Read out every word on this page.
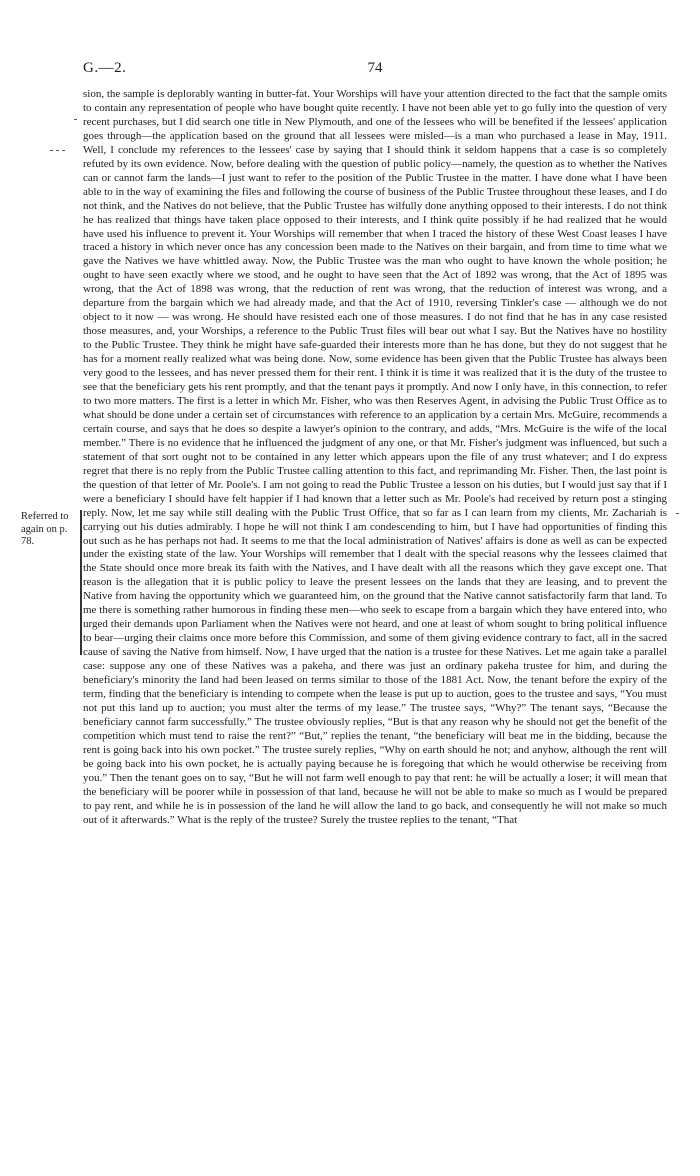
G.—2.	74
Referred to again on p. 78.

sion, the sample is deplorably wanting in butter-fat. Your Worships will have your attention directed to the fact that the sample omits to contain any representation of people who have bought quite recently. I have not been able yet to go fully into the question of very recent purchases, but I did search one title in New Plymouth, and one of the lessees who will be benefited if the lessees' application goes through—the application based on the ground that all lessees were misled—is a man who purchased a lease in May, 1911. Well, I conclude my references to the lessees' case by saying that I should think it seldom happens that a case is so completely refuted by its own evidence. Now, before dealing with the question of public policy—namely, the question as to whether the Natives can or cannot farm the lands—I just want to refer to the position of the Public Trustee in the matter. I have done what I have been able to in the way of examining the files and following the course of business of the Public Trustee throughout these leases, and I do not think, and the Natives do not believe, that the Public Trustee has wilfully done anything opposed to their interests. I do not think he has realized that things have taken place opposed to their interests, and I think quite possibly if he had realized that he would have used his influence to prevent it. Your Worships will remember that when I traced the history of these West Coast leases I have traced a history in which never once has any concession been made to the Natives on their bargain, and from time to time what we gave the Natives we have whittled away. Now, the Public Trustee was the man who ought to have known the whole position; he ought to have seen exactly where we stood, and he ought to have seen that the Act of 1892 was wrong, that the Act of 1895 was wrong, that the Act of 1898 was wrong, that the reduction of rent was wrong, that the reduction of interest was wrong, and a departure from the bargain which we had already made, and that the Act of 1910, reversing Tinkler's case — although we do not object to it now — was wrong. He should have resisted each one of those measures. I do not find that he has in any case resisted those measures, and, your Worships, a reference to the Public Trust files will bear out what I say. But the Natives have no hostility to the Public Trustee. They think he might have safe-guarded their interests more than he has done, but they do not suggest that he has for a moment really realized what was being done. Now, some evidence has been given that the Public Trustee has always been very good to the lessees, and has never pressed them for their rent. I think it is time it was realized that it is the duty of the trustee to see that the beneficiary gets his rent promptly, and that the tenant pays it promptly. And now I only have, in this connection, to refer to two more matters. The first is a letter in which Mr. Fisher, who was then Reserves Agent, in advising the Public Trust Office as to what should be done under a certain set of circumstances with reference to an application by a certain Mrs. McGuire, recommends a certain course, and says that he does so despite a lawyer's opinion to the contrary, and adds, “Mrs. McGuire is the wife of the local member.” There is no evidence that he influenced the judgment of any one, or that Mr. Fisher's judgment was influenced, but such a statement of that sort ought not to be contained in any letter which appears upon the file of any trust whatever; and I do express regret that there is no reply from the Public Trustee calling attention to this fact, and reprimanding Mr. Fisher. Then, the last point is the question of that letter of Mr. Poole's. I am not going to read the Public Trustee a lesson on his duties, but I would just say that if I were a beneficiary I should have felt happier if I had known that a letter such as Mr. Poole's had received by return post a stinging reply. Now, let me say while still dealing with the Public Trust Office, that so far as I can learn from my clients, Mr. Zachariah is carrying out his duties admirably. I hope he will not think I am condescending to him, but I have had opportunities of finding this out such as he has perhaps not had. It seems to me that the local administration of Natives' affairs is done as well as can be expected under the existing state of the law. Your Worships will remember that I dealt with the special reasons why the lessees claimed that the State should once more break its faith with the Natives, and I have dealt with all the reasons which they gave except one. That reason is the allegation that it is public policy to leave the present lessees on the lands that they are leasing, and to prevent the Native from having the opportunity which we guaranteed him, on the ground that the Native cannot satisfactorily farm that land. To me there is something rather humorous in finding these men—who seek to escape from a bargain which they have entered into, who urged their demands upon Parliament when the Natives were not heard, and one at least of whom sought to bring political influence to bear—urging their claims once more before this Commission, and some of them giving evidence contrary to fact, all in the sacred cause of saving the Native from himself. Now, I have urged that the nation is a trustee for these Natives. Let me again take a parallel case: suppose any one of these Natives was a pakeha, and there was just an ordinary pakeha trustee for him, and during the beneficiary's minority the land had been leased on terms similar to those of the 1881 Act. Now, the tenant before the expiry of the term, finding that the beneficiary is intending to compete when the lease is put up to auction, goes to the trustee and says, “You must not put this land up to auction; you must alter the terms of my lease.” The trustee says, “Why?” The tenant says, “Because the beneficiary cannot farm successfully.” The trustee obviously replies, “But is that any reason why he should not get the benefit of the competition which must tend to raise the rent?” “But,” replies the tenant, “the beneficiary will beat me in the bidding, because the rent is going back into his own pocket.” The trustee surely replies, “Why on earth should he not; and anyhow, although the rent will be going back into his own pocket, he is actually paying because he is foregoing that which he would otherwise be receiving from you.” Then the tenant goes on to say, “But he will not farm well enough to pay that rent: he will be actually a loser; it will mean that the beneficiary will be poorer while in possession of that land, because he will not be able to make so much as I would be prepared to pay rent, and while he is in possession of the land he will allow the land to go back, and consequently he will not make so much out of it afterwards.” What is the reply of the trustee? Surely the trustee replies to the tenant, “That
